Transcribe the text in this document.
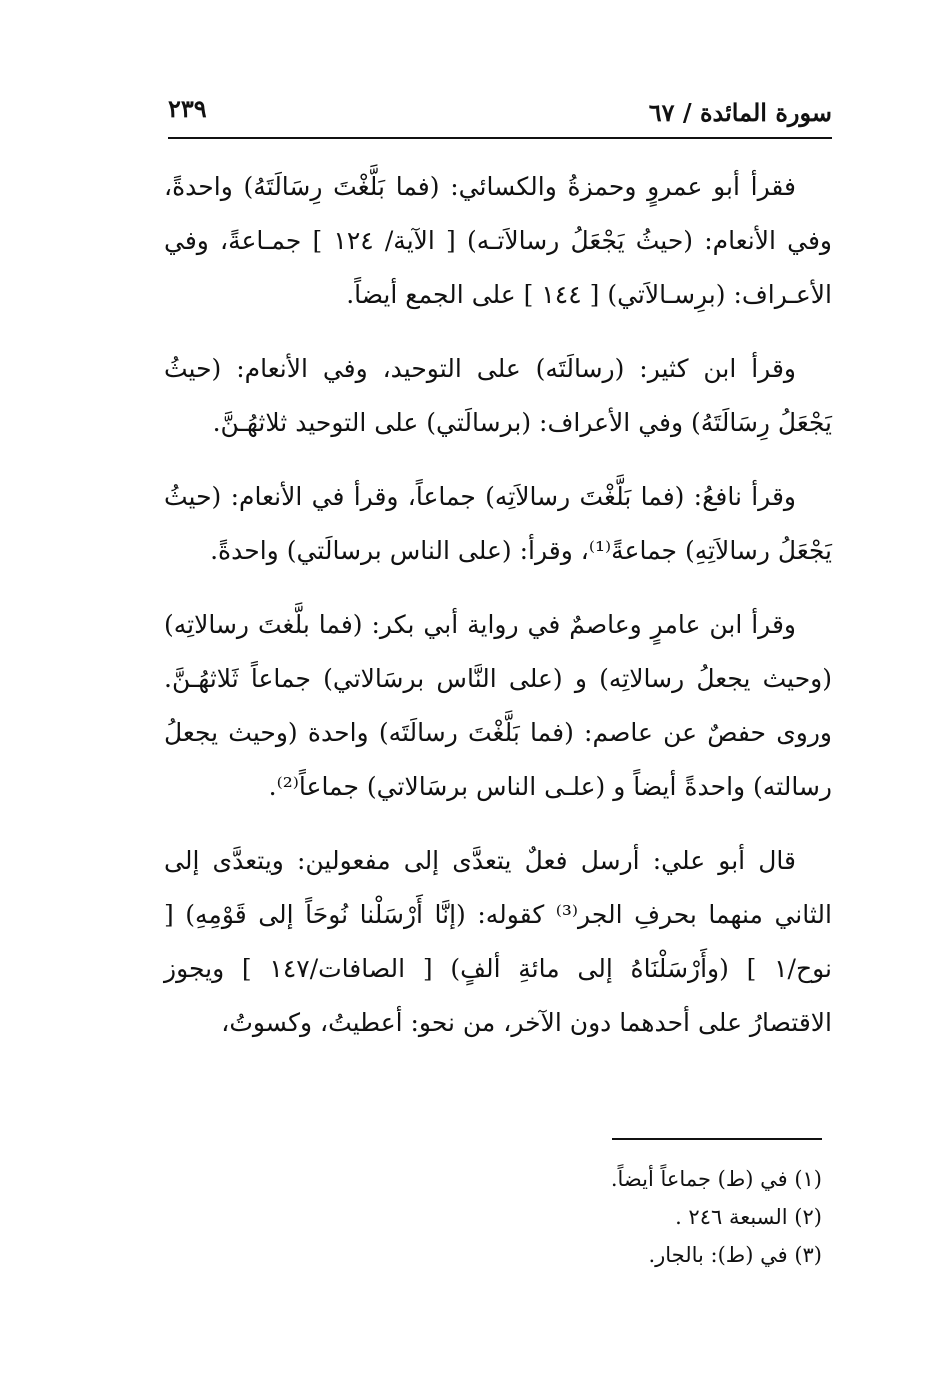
سورة المائدة / ٦٧
٢٣٩

فقرأ أبو عمروٍ وحمزةُ والكسائي: (فما بَلَّغْتَ رِسَالَتَهُ) واحدةً، وفي الأنعام: (حيثُ يَجْعَلُ رسالاَتـه) [ الآية/ ١٢٤ ] جمـاعةً، وفي الأعـراف: (برِسـالاَتي) [ ١٤٤ ] على الجمع أيضاً.

وقرأ ابن كثير: (رسالَتَه) على التوحيد، وفي الأنعام: (حيثُ يَجْعَلُ رِسَالَتَهُ) وفي الأعراف: (برسالَتي) على التوحيد ثلاثهُـنَّ.

وقرأ نافعُ: (فما بَلَّغْتَ رسالاَتِه) جماعاً، وقرأ في الأنعام: (حيثُ يَجْعَلُ رسالاَتِهِ) جماعةً⁽¹⁾، وقرأ: (على الناس برسالَتي) واحدةً.

وقرأ ابن عامرٍ وعاصمٌ في رواية أبي بكر: (فما بلَّغتَ رسالاتِه) (وحيث يجعلُ رسالاتِه) و (على النَّاس برسَالاتي) جماعاً ثَلاثهُـنَّ. وروى حفصٌ عن عاصم: (فما بَلَّغْتَ رسالَتَه) واحدة (وحيث يجعلُ رسالته) واحدةً أيضاً و (علـى الناس برسَالاتي) جماعاً⁽²⁾.

قال أبو علي: أرسل فعلٌ يتعدَّى إلى مفعولين: ويتعدَّى إلى الثاني منهما بحرفِ الجر⁽³⁾ كقوله: (إنَّا أَرْسَلْنا نُوحَاً إلى قَوْمِهِ) [ نوح/١ ] (وأَرْسَلْنَاهُ إلى مائةِ ألفٍ) [ الصافات/١٤٧ ] ويجوز الاقتصارُ على أحدهما دون الآخر، من نحو: أعطيتُ، وكسوتُ،

(١) في (ط) جماعاً أيضاً.
(٢) السبعة ٢٤٦ .
(٣) في (ط): بالجار.
